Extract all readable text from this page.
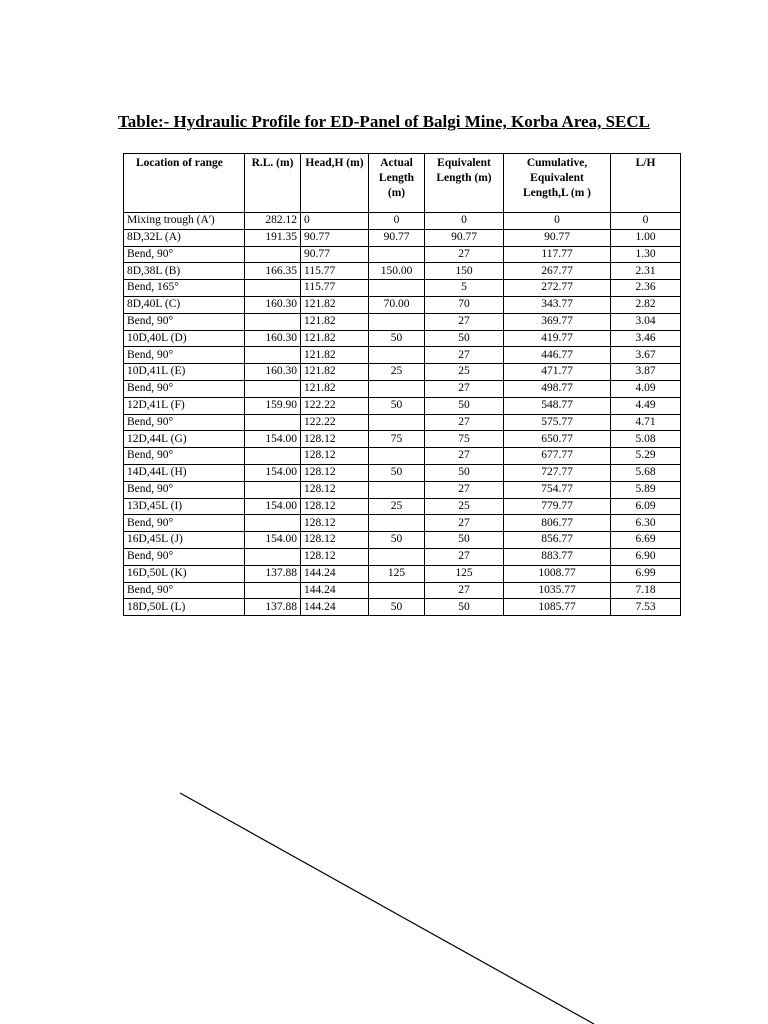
Table:- Hydraulic Profile for ED-Panel of Balgi Mine, Korba Area, SECL
Location of range	R.L. (m)	Head,H (m)	Actual Length (m)	Equivalent Length (m)	Cumulative, Equivalent Length,L (m )	L/H
Mixing trough (A')	282.12	0	0	0	0	0
8D,32L (A)	191.35	90.77	90.77	90.77	90.77	1.00
Bend, 90°		90.77		27	117.77	1.30
8D,38L (B)	166.35	115.77	150.00	150	267.77	2.31
Bend, 165°		115.77		5	272.77	2.36
8D,40L (C)	160.30	121.82	70.00	70	343.77	2.82
Bend, 90°		121.82		27	369.77	3.04
10D,40L (D)	160.30	121.82	50	50	419.77	3.46
Bend, 90°		121.82		27	446.77	3.67
10D,41L (E)	160.30	121.82	25	25	471.77	3.87
Bend, 90°		121.82		27	498.77	4.09
12D,41L (F)	159.90	122.22	50	50	548.77	4.49
Bend, 90°		122.22		27	575.77	4.71
12D,44L (G)	154.00	128.12	75	75	650.77	5.08
Bend, 90°		128.12		27	677.77	5.29
14D,44L (H)	154.00	128.12	50	50	727.77	5.68
Bend, 90°		128.12		27	754.77	5.89
13D,45L (I)	154.00	128.12	25	25	779.77	6.09
Bend, 90°		128.12		27	806.77	6.30
16D,45L (J)	154.00	128.12	50	50	856.77	6.69
Bend, 90°		128.12		27	883.77	6.90
16D,50L (K)	137.88	144.24	125	125	1008.77	6.99
Bend, 90°		144.24		27	1035.77	7.18
18D,50L (L)	137.88	144.24	50	50	1085.77	7.53
